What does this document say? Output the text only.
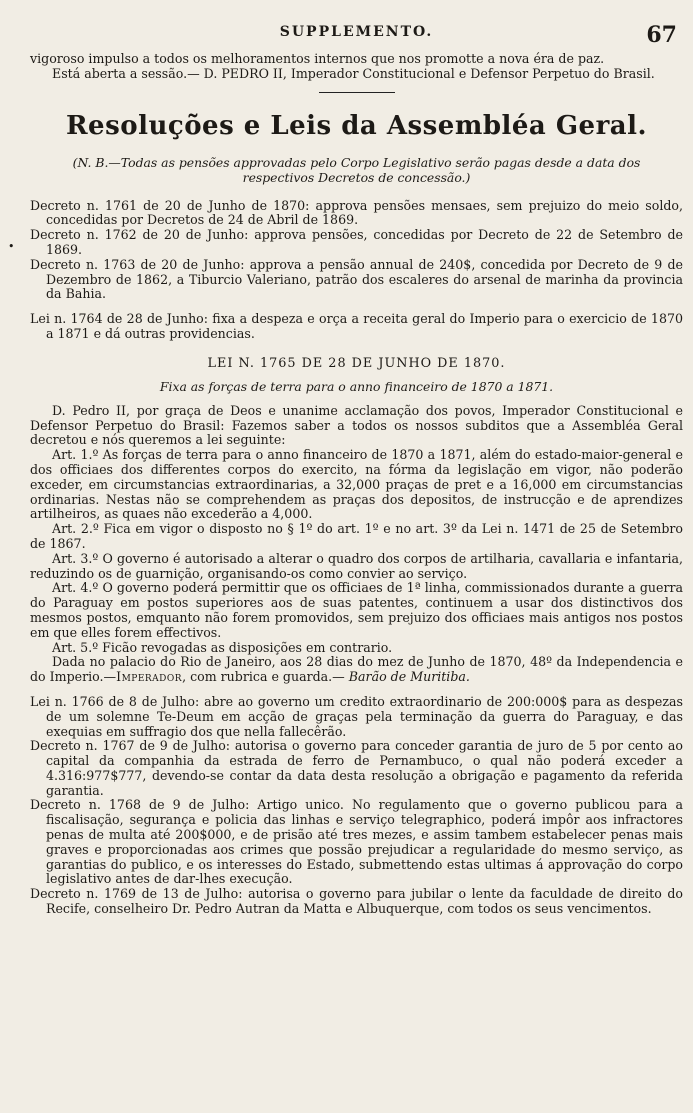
•
SUPPLEMENTO.	67

vigoroso impulso a todos os melhoramentos internos que nos promotte a nova éra de paz.

Está aberta a sessão.— D. PEDRO II, Imperador Constitucional e Defensor Perpetuo do Brasil.

Resoluções e Leis da Assembléa Geral.

(N. B.—Todas as pensões approvadas pelo Corpo Legislativo serão pagas desde a data dos respectivos Decretos de concessão.)

Decreto n. 1761 de 20 de Junho de 1870: approva pensões mensaes, sem prejuizo do meio soldo, concedidas por Decretos de 24 de Abril de 1869.

Decreto n. 1762 de 20 de Junho: approva pensões, concedidas por Decreto de 22 de Setembro de 1869.

Decreto n. 1763 de 20 de Junho: approva a pensão annual de 240$, concedida por Decreto de 9 de Dezembro de 1862, a Tiburcio Valeriano, patrão dos escaleres do arsenal de marinha da provincia da Bahia.

Lei n. 1764 de 28 de Junho: fixa a despeza e orça a receita geral do Imperio para o exercicio de 1870 a 1871 e dá outras providencias.

LEI N. 1765 DE 28 DE JUNHO DE 1870.
Fixa as forças de terra para o anno financeiro de 1870 a 1871.

D. Pedro II, por graça de Deos e unanime acclamação dos povos, Imperador Constitucional e Defensor Perpetuo do Brasil: Fazemos saber a todos os nossos subditos que a Assembléa Geral decretou e nós queremos a lei seguinte:

Art. 1.º As forças de terra para o anno financeiro de 1870 a 1871, além do estado-maior-general e dos officiaes dos differentes corpos do exercito, na fórma da legislação em vigor, não poderão exceder, em circumstancias extraordinarias, a 32,000 praças de pret e a 16,000 em circumstancias ordinarias. Nestas não se comprehendem as praças dos depositos, de instrucção e de aprendizes artilheiros, as quaes não excederão a 4,000.

Art. 2.º Fica em vigor o disposto no § 1º do art. 1º e no art. 3º da Lei n. 1471 de 25 de Setembro de 1867.

Art. 3.º O governo é autorisado a alterar o quadro dos corpos de artilharia, cavallaria e infantaria, reduzindo os de guarnição, organisando-os como convier ao serviço.

Art. 4.º O governo poderá permittir que os officiaes de 1ª linha, commissionados durante a guerra do Paraguay em postos superiores aos de suas patentes, continuem a usar dos distinctivos dos mesmos postos, emquanto não forem promovidos, sem prejuizo dos officiaes mais antigos nos postos em que elles forem effectivos.

Art. 5.º Ficão revogadas as disposições em contrario.

Dada no palacio do Rio de Janeiro, aos 28 dias do mez de Junho de 1870, 48º da Independencia e do Imperio.—Imperador, com rubrica e guarda.— Barão de Muritiba.

Lei n. 1766 de 8 de Julho: abre ao governo um credito extraordinario de 200:000$ para as despezas de um solemne Te-Deum em acção de graças pela terminação da guerra do Paraguay, e das exequias em suffragio dos que nella fallecêrão.

Decreto n. 1767 de 9 de Julho: autorisa o governo para conceder garantia de juro de 5 por cento ao capital da companhia da estrada de ferro de Pernambuco, o qual não poderá exceder a 4.316:977$777, devendo-se contar da data desta resolução a obrigação e pagamento da referida garantia.

Decreto n. 1768 de 9 de Julho: Artigo unico. No regulamento que o governo publicou para a fiscalisação, segurança e policia das linhas e serviço telegraphico, poderá impôr aos infractores penas de multa até 200$000, e de prisão até tres mezes, e assim tambem estabelecer penas mais graves e proporcionadas aos crimes que possão prejudicar a regularidade do mesmo serviço, as garantias do publico, e os interesses do Estado, submettendo estas ultimas á approvação do corpo legislativo antes de dar-lhes execução.

Decreto n. 1769 de 13 de Julho: autorisa o governo para jubilar o lente da faculdade de direito do Recife, conselheiro Dr. Pedro Autran da Matta e Albuquerque, com todos os seus vencimentos.
